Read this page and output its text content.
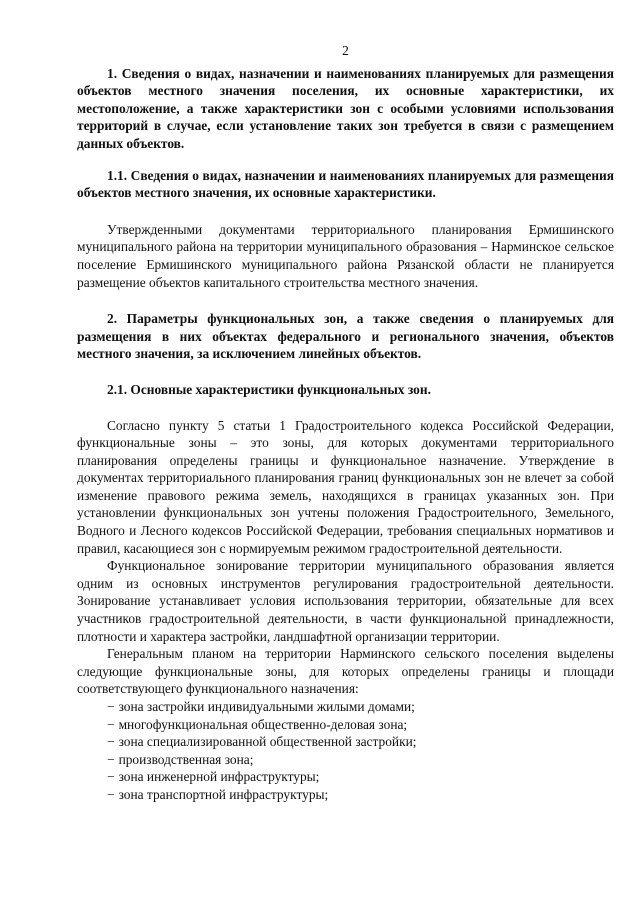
2

1. Сведения о видах, назначении и наименованиях планируемых для размещения объектов местного значения поселения, их основные характеристики, их местоположение, а также характеристики зон с особыми условиями использования территорий в случае, если установление таких зон требуется в связи с размещением данных объектов.

1.1. Сведения о видах, назначении и наименованиях планируемых для размещения объектов местного значения, их основные характеристики.

Утвержденными документами территориального планирования Ермишинского муниципального района на территории муниципального образования – Нарминское сельское поселение Ермишинского муниципального района Рязанской области не планируется размещение объектов капитального строительства местного значения.

2. Параметры функциональных зон, а также сведения о планируемых для размещения в них объектах федерального и регионального значения, объектов местного значения, за исключением линейных объектов.

2.1. Основные характеристики функциональных зон.

Согласно пункту 5 статьи 1 Градостроительного кодекса Российской Федерации, функциональные зоны – это зоны, для которых документами территориального планирования определены границы и функциональное назначение. Утверждение в документах территориального планирования границ функциональных зон не влечет за собой изменение правового режима земель, находящихся в границах указанных зон. При установлении функциональных зон учтены положения Градостроительного, Земельного, Водного и Лесного кодексов Российской Федерации, требования специальных нормативов и правил, касающиеся зон с нормируемым режимом градостроительной деятельности.

Функциональное зонирование территории муниципального образования является одним из основных инструментов регулирования градостроительной деятельности. Зонирование устанавливает условия использования территории, обязательные для всех участников градостроительной деятельности, в части функциональной принадлежности, плотности и характера застройки, ландшафтной организации территории.

Генеральным планом на территории Нарминского сельского поселения выделены следующие функциональные зоны, для которых определены границы и площади соответствующего функционального назначения:

− зона застройки индивидуальными жилыми домами;
− многофункциональная общественно-деловая зона;
− зона специализированной общественной застройки;
− производственная зона;
− зона инженерной инфраструктуры;
− зона транспортной инфраструктуры;
